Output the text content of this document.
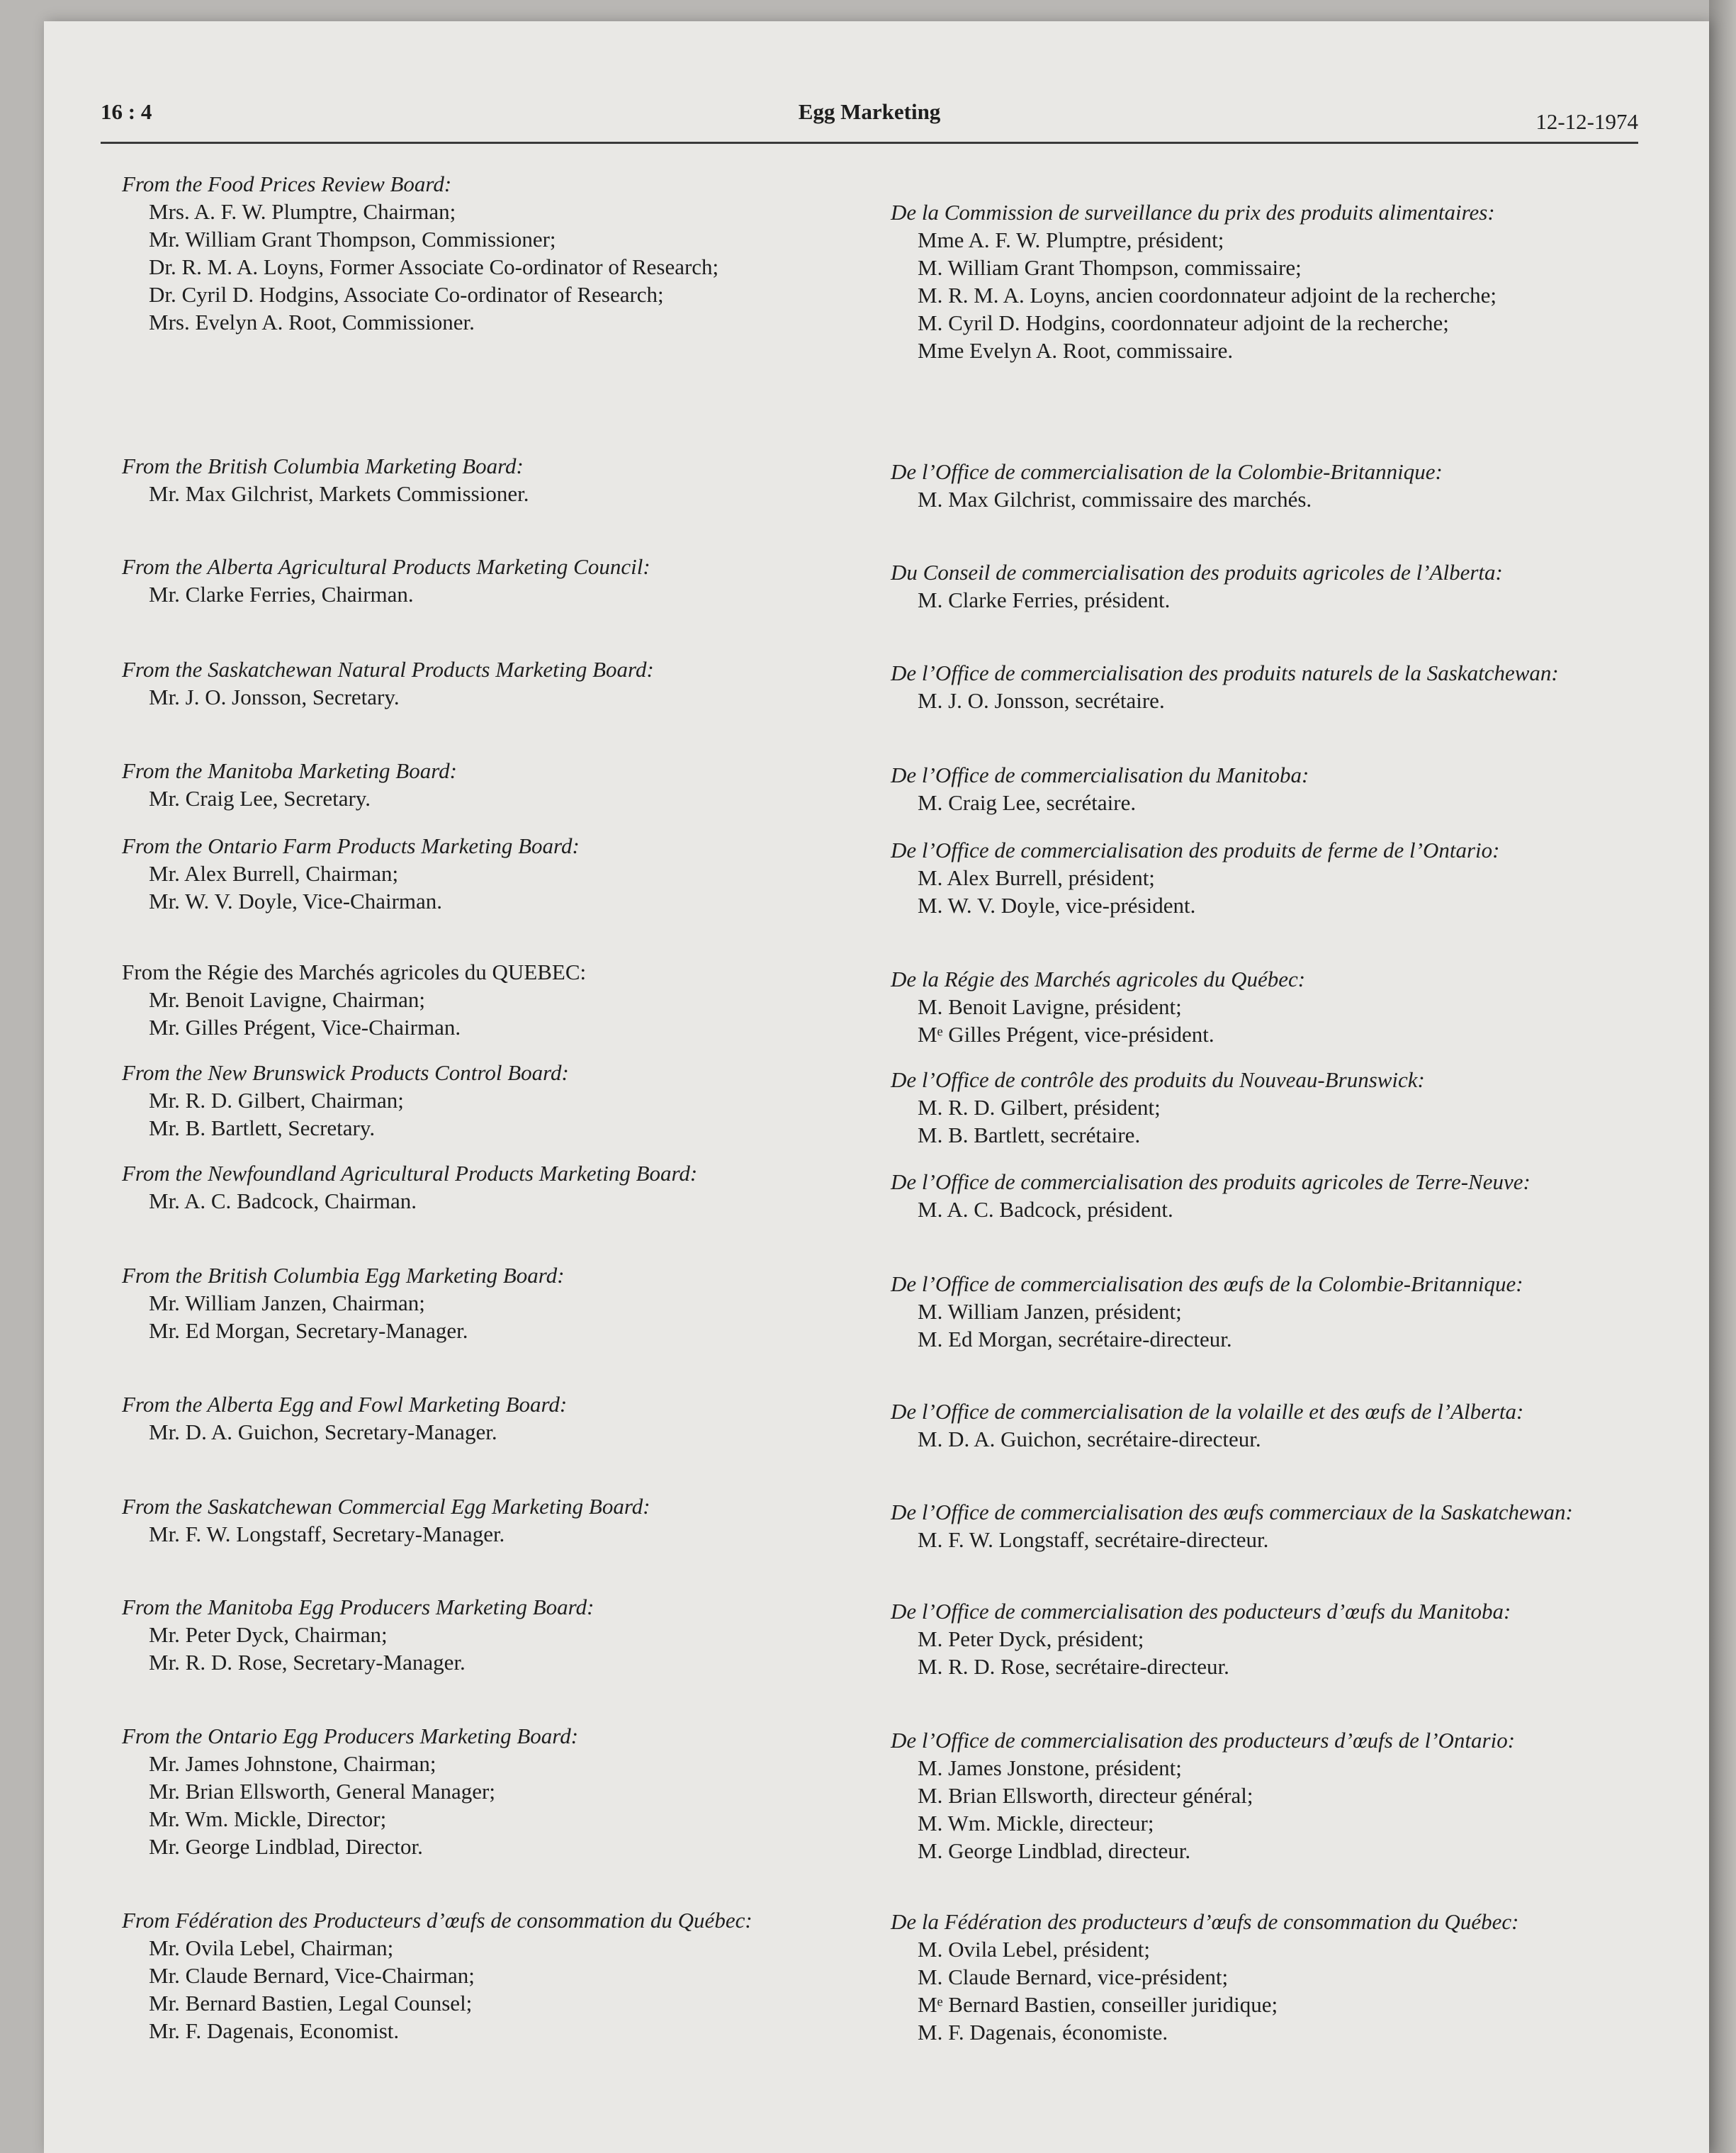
16 : 4	Egg Marketing	12-12-1974
From the Food Prices Review Board:
Mrs. A. F. W. Plumptre, Chairman;
Mr. William Grant Thompson, Commissioner;
Dr. R. M. A. Loyns, Former Associate Co-ordinator of Research;
Dr. Cyril D. Hodgins, Associate Co-ordinator of Research;
Mrs. Evelyn A. Root, Commissioner.
From the British Columbia Marketing Board:
Mr. Max Gilchrist, Markets Commissioner.
From the Alberta Agricultural Products Marketing Council:
Mr. Clarke Ferries, Chairman.
From the Saskatchewan Natural Products Marketing Board:
Mr. J. O. Jonsson, Secretary.
From the Manitoba Marketing Board:
Mr. Craig Lee, Secretary.
From the Ontario Farm Products Marketing Board:
Mr. Alex Burrell, Chairman;
Mr. W. V. Doyle, Vice-Chairman.
From the Régie des Marchés agricoles du QUEBEC:
Mr. Benoit Lavigne, Chairman;
Mr. Gilles Prégent, Vice-Chairman.
From the New Brunswick Products Control Board:
Mr. R. D. Gilbert, Chairman;
Mr. B. Bartlett, Secretary.
From the Newfoundland Agricultural Products Marketing Board:
Mr. A. C. Badcock, Chairman.
From the British Columbia Egg Marketing Board:
Mr. William Janzen, Chairman;
Mr. Ed Morgan, Secretary-Manager.
From the Alberta Egg and Fowl Marketing Board:
Mr. D. A. Guichon, Secretary-Manager.
From the Saskatchewan Commercial Egg Marketing Board:
Mr. F. W. Longstaff, Secretary-Manager.
From the Manitoba Egg Producers Marketing Board:
Mr. Peter Dyck, Chairman;
Mr. R. D. Rose, Secretary-Manager.
From the Ontario Egg Producers Marketing Board:
Mr. James Johnstone, Chairman;
Mr. Brian Ellsworth, General Manager;
Mr. Wm. Mickle, Director;
Mr. George Lindblad, Director.
From Fédération des Producteurs d’œufs de consommation du Québec:
Mr. Ovila Lebel, Chairman;
Mr. Claude Bernard, Vice-Chairman;
Mr. Bernard Bastien, Legal Counsel;
Mr. F. Dagenais, Economist.
De la Commission de surveillance du prix des produits alimentaires:
Mme A. F. W. Plumptre, président;
M. William Grant Thompson, commissaire;
M. R. M. A. Loyns, ancien coordonnateur adjoint de la recherche;
M. Cyril D. Hodgins, coordonnateur adjoint de la recherche;
Mme Evelyn A. Root, commissaire.
De l’Office de commercialisation de la Colombie-Britannique:
M. Max Gilchrist, commissaire des marchés.
Du Conseil de commercialisation des produits agricoles de l’Alberta:
M. Clarke Ferries, président.
De l’Office de commercialisation des produits naturels de la Saskatchewan:
M. J. O. Jonsson, secrétaire.
De l’Office de commercialisation du Manitoba:
M. Craig Lee, secrétaire.
De l’Office de commercialisation des produits de ferme de l’Ontario:
M. Alex Burrell, président;
M. W. V. Doyle, vice-président.
De la Régie des Marchés agricoles du Québec:
M. Benoit Lavigne, président;
Mᵉ Gilles Prégent, vice-président.
De l’Office de contrôle des produits du Nouveau-Brunswick:
M. R. D. Gilbert, président;
M. B. Bartlett, secrétaire.
De l’Office de commercialisation des produits agricoles de Terre-Neuve:
M. A. C. Badcock, président.
De l’Office de commercialisation des œufs de la Colombie-Britannique:
M. William Janzen, président;
M. Ed Morgan, secrétaire-directeur.
De l’Office de commercialisation de la volaille et des œufs de l’Alberta:
M. D. A. Guichon, secrétaire-directeur.
De l’Office de commercialisation des œufs commerciaux de la Saskatchewan:
M. F. W. Longstaff, secrétaire-directeur.
De l’Office de commercialisation des poducteurs d’œufs du Manitoba:
M. Peter Dyck, président;
M. R. D. Rose, secrétaire-directeur.
De l’Office de commercialisation des producteurs d’œufs de l’Ontario:
M. James Jonstone, président;
M. Brian Ellsworth, directeur général;
M. Wm. Mickle, directeur;
M. George Lindblad, directeur.
De la Fédération des producteurs d’œufs de consommation du Québec:
M. Ovila Lebel, président;
M. Claude Bernard, vice-président;
Mᵉ Bernard Bastien, conseiller juridique;
M. F. Dagenais, économiste.
